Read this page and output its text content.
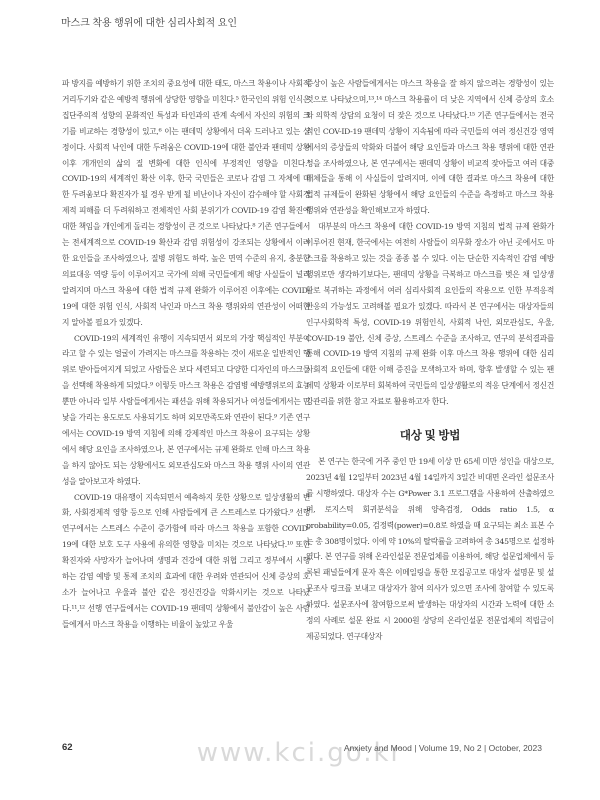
마스크 착용 행위에 대한 심리사회적 요인

파 방지를 예방하기 위한 조치의 중요성에 대한 태도, 마스크 착용이나 사회적 거리두기와 같은 예방적 행위에 상당한 영향을 미친다.⁵ 한국인의 위험 인식은 집단주의적 성향의 문화적인 특성과 타인과의 관계 속에서 자신의 위험의 크기를 비교하는 경향성이 있고,⁶ 이는 팬데믹 상황에서 더욱 드러나고 있는 실정이다. 사회적 낙인에 대한 두려움은 COVID-19에 대한 불안과 팬데믹 상황 이후 개개인의 삶의 질 변화에 대한 인식에 부정적인 영향을 미친다.⁷ COVID-19의 세계적인 확산 이후, 한국 국민들은 코로나 감염 그 자체에 대한 두려움보다 확진자가 될 경우 받게 될 비난이나 자신이 감수해야 할 사회경제적 피해를 더 두려워하고 전체적인 사회 분위기가 COVID-19 감염 확진에 대한 책임을 개인에게 돌리는 경향성이 큰 것으로 나타났다.⁸ 기존 연구들에서는 전세계적으로 COVID-19 확산과 감염 위험성이 강조되는 상황에서 이러한 요인들을 조사하였으나, 질병 위험도 하락, 높은 면역 수준의 유지, 충분한 의료대응 역량 등이 이루어지고 국가에 의해 국민들에게 해당 사실들이 널리 알려지며 마스크 착용에 대한 법적 규제 완화가 이루어진 이후에는 COVID-19에 대한 위험 인식, 사회적 낙인과 마스크 착용 행위와의 연관성이 어떠한지 알아볼 필요가 있겠다.

COVID-19의 세계적인 유행이 지속되면서 외모의 가장 핵심적인 부분이라고 할 수 있는 얼굴이 가려지는 마스크를 착용하는 것이 새로운 일반적인 행위로 받아들여지게 되었고 사람들은 보다 세련되고 다양한 디자인의 마스크들을 선택해 착용하게 되었다.⁹ 이렇듯 마스크 착용은 감염병 예방행위로의 효능뿐만 아니라 일부 사람들에게서는 패션을 위해 착용되거나 여성들에게서는 민낯을 가리는 용도로도 사용되기도 하며 외모만족도와 연관이 된다.⁹ 기존 연구에서는 COVID-19 방역 지침에 의해 강제적인 마스크 착용이 요구되는 상황에서 해당 요인을 조사하였으나, 본 연구에서는 규제 완화로 인해 마스크 착용을 하지 않아도 되는 상황에서도 외모관심도와 마스크 착용 행위 사이의 연관성을 알아보고자 하였다.

COVID-19 대유행이 지속되면서 예측하지 못한 상황으로 일상생활의 변화, 사회경제적 영향 등으로 인해 사람들에게 큰 스트레스로 다가왔다.⁹ 선행 연구에서는 스트레스 수준이 증가함에 따라 마스크 착용을 포함한 COVID-19에 대한 보호 도구 사용에 유의한 영향을 미치는 것으로 나타났다.¹⁰ 또한 확진자와 사망자가 늘어나며 생명과 건강에 대한 위협 그리고 정부에서 시행하는 감염 예방 및 통제 조치의 효과에 대한 우려와 연관되어 신체 증상의 호소가 늘어나고 우울과 불안 같은 정신건강을 악화시키는 것으로 나타났다.¹¹,¹² 선행 연구들에서는 COVID-19 팬데믹 상황에서 불안감이 높은 사람들에게서 마스크 착용을 이행하는 비율이 높았고 우울

증상이 높은 사람들에게서는 마스크 착용을 잘 하지 않으려는 경향성이 있는 것으로 나타났으며,¹³,¹⁴ 마스크 착용률이 더 낮은 지역에서 신체 증상의 호소와 의학적 상담의 요청이 더 잦은 것으로 나타났다.¹⁵ 기존 연구들에서는 전국적인 COV-ID-19 팬데믹 상황이 지속됨에 따라 국민들의 여러 정신건강 영역에서의 증상들의 악화와 더불어 해당 요인들과 마스크 착용 행위에 대한 연관성을 조사하였으나, 본 연구에서는 팬데믹 상황이 비교적 잦아들고 여러 대중 매체들을 통해 이 사실들이 알려지며, 이에 대한 결과로 마스크 착용에 대한 법적 규제들이 완화된 상황에서 해당 요인들의 수준을 측정하고 마스크 착용 행위와 연관성을 확인해보고자 하였다.

대부분의 마스크 착용에 대한 COVID-19 방역 지침의 법적 규제 완화가 이루어진 현재, 한국에서는 여전히 사람들이 의무화 장소가 아닌 곳에서도 마스크를 착용하고 있는 것을 종종 볼 수 있다. 이는 단순한 지속적인 감염 예방행위로만 생각하기보다는, 팬데믹 상황을 극복하고 마스크를 벗은 채 일상생활로 복귀하는 과정에서 여러 심리사회적 요인들의 작용으로 인한 부적응적 반응의 가능성도 고려해볼 필요가 있겠다. 따라서 본 연구에서는 대상자들의 인구사회학적 특성, COVID-19 위험인식, 사회적 낙인, 외모관심도, 우울, COV-ID-19 불안, 신체 증상, 스트레스 수준을 조사하고, 연구의 분석결과를 통해 COVID-19 방역 지침의 규제 완화 이후 마스크 착용 행위에 대한 심리사회적 요인들에 대한 이해 증진을 모색하고자 하며, 향후 발생할 수 있는 팬데믹 상황과 이로부터 회복하여 국민들의 일상생활로의 적응 단계에서 정신건강관리를 위한 참고 자료로 활용하고자 한다.

대상 및 방법

본 연구는 한국에 거주 중인 만 19세 이상 만 65세 미만 성인을 대상으로, 2023년 4월 12일부터 2023년 4월 14일까지 3일간 비대면 온라인 설문조사를 시행하였다. 대상자 수는 G*Power 3.1 프로그램을 사용하여 산출하였으며, 로지스틱 회귀분석을 위해 양측검정, Odds ratio 1.5, α probability=0.05, 검정력(power)=0.8로 하였을 때 요구되는 최소 표본 수는 총 308명이었다. 이에 약 10%의 탈락률을 고려하여 총 345명으로 설정하였다. 본 연구를 위해 온라인설문 전문업체를 이용하여, 해당 설문업체에서 등록된 패널들에게 문자 혹은 이메일링을 통한 모집공고로 대상자 설명문 및 설문조사 링크를 보내고 대상자가 참여 의사가 있으면 조사에 참여할 수 있도록 하였다. 설문조사에 참여함으로써 발생하는 대상자의 시간과 노력에 대한 소정의 사례로 설문 완료 시 2000원 상당의 온라인설문 전문업체의 적립금이 제공되었다. 연구대상자

www.kci.go.kr
62	Anxiety and Mood | Volume 19, No 2 | October, 2023
